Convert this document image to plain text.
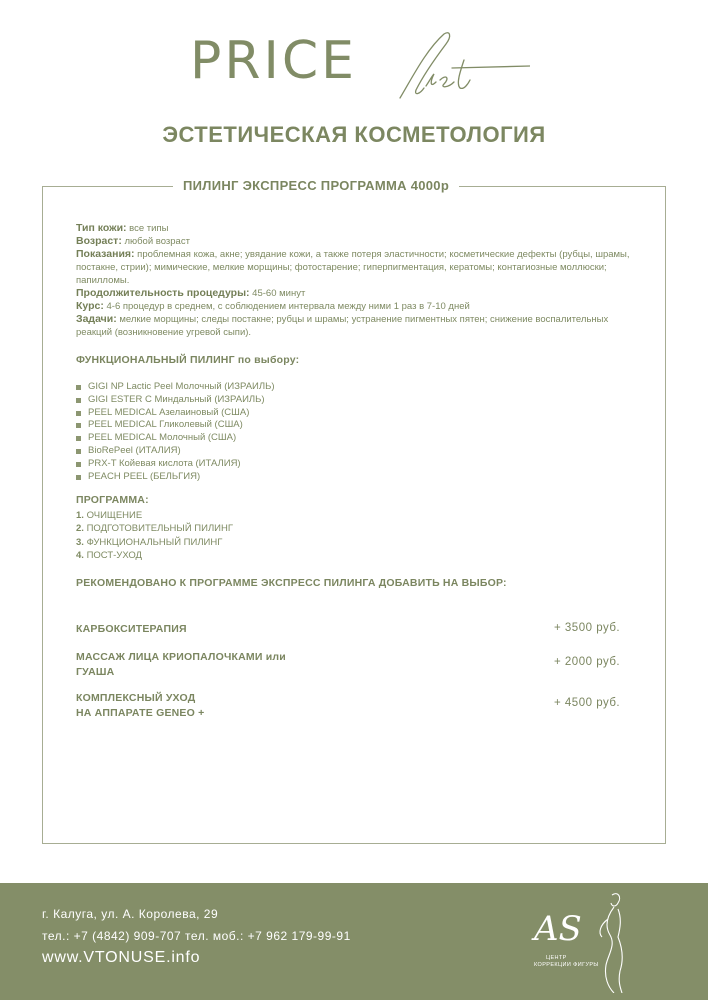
PRICE
ЭСТЕТИЧЕСКАЯ КОСМЕТОЛОГИЯ
ПИЛИНГ ЭКСПРЕСС ПРОГРАММА 4000р

Тип кожи: все типы

Возраст: любой возраст

Показания: проблемная кожа, акне; увядание кожи, а также потеря эластичности; косметические дефекты (рубцы, шрамы, постакне, стрии); мимические, мелкие морщины; фотостарение; гиперпигментация, кератомы; контагиозные моллюски; папилломы.

Продолжительность процедуры: 45-60 минут

Курс: 4-6 процедур в среднем, с соблюдением интервала между ними 1 раз в 7-10 дней

Задачи: мелкие морщины; следы постакне; рубцы и шрамы; устранение пигментных пятен; снижение воспалительных реакций (возникновение угревой сыпи).

ФУНКЦИОНАЛЬНЫЙ ПИЛИНГ по выбору:

GIGI NP Lactic Peel Молочный (ИЗРАИЛЬ)
GIGI ESTER C Миндальный (ИЗРАИЛЬ)
PEEL MEDICAL Азелаиновый (США)
PEEL MEDICAL Гликолевый (США)
PEEL MEDICAL Молочный (США)
BioRePeel (ИТАЛИЯ)
PRX-T Койевая кислота (ИТАЛИЯ)
PEACH PEEL (БЕЛЬГИЯ)

ПРОГРАММА:

1. ОЧИЩЕНИЕ
2. ПОДГОТОВИТЕЛЬНЫЙ ПИЛИНГ
3. ФУНКЦИОНАЛЬНЫЙ ПИЛИНГ
4. ПОСТ-УХОД

РЕКОМЕНДОВАНО К ПРОГРАММЕ ЭКСПРЕСС ПИЛИНГА ДОБАВИТЬ НА ВЫБОР:

КАРБОКСИТЕРАПИЯ	+ 3500 руб.
МАССАЖ ЛИЦА КРИОПАЛОЧКАМИ или
ГУАША
+ 2000 руб.
КОМПЛЕКСНЫЙ УХОД
НА АППАРАТЕ GENEO +
+ 4500 руб.
г. Калуга, ул. А. Королева, 29
тел.: +7 (4842) 909-707 тел. моб.: +7 962 179-99-91
www.VTONUSE.info
AS
ЦЕНТР
КОРРЕКЦИИ ФИГУРЫ
